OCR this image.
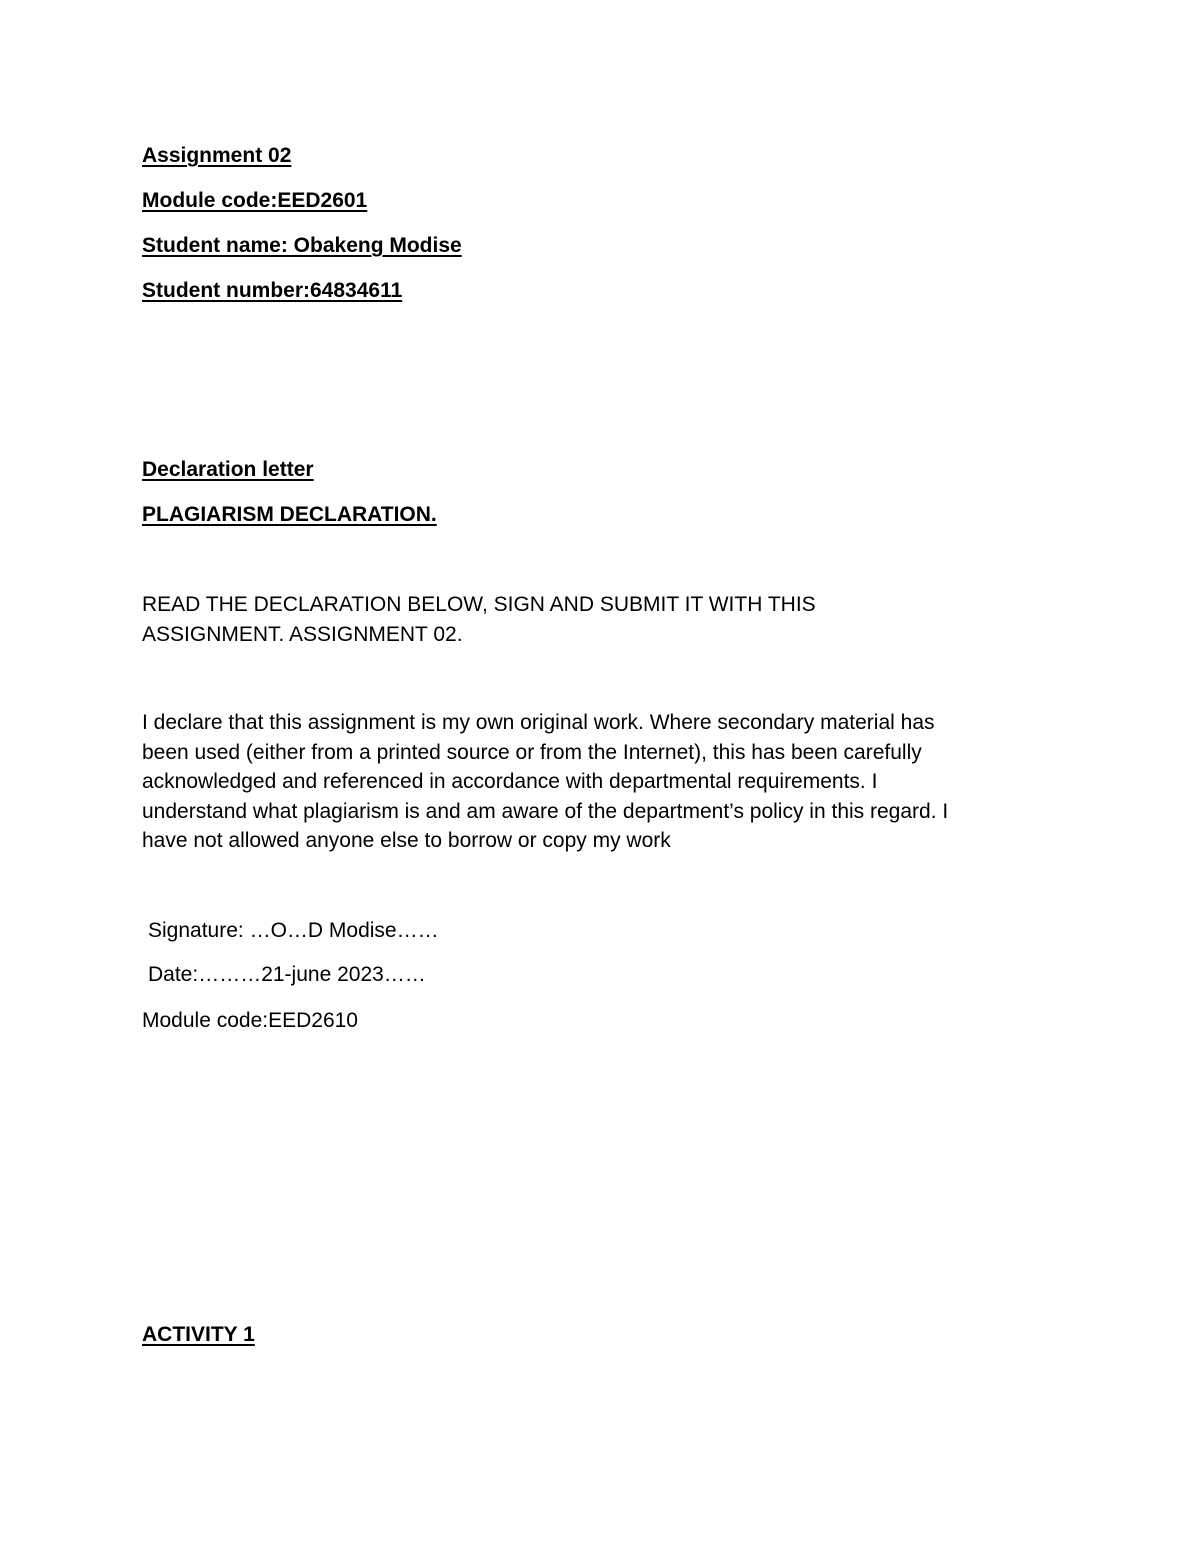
Assignment 02
Module code:EED2601
Student name: Obakeng Modise
Student number:64834611
Declaration letter
PLAGIARISM DECLARATION.
READ THE DECLARATION BELOW, SIGN AND SUBMIT IT WITH THIS
ASSIGNMENT. ASSIGNMENT 02.
I declare that this assignment is my own original work. Where secondary material has
been used (either from a printed source or from the Internet), this has been carefully
acknowledged and referenced in accordance with departmental requirements. I
understand what plagiarism is and am aware of the department’s policy in this regard. I
have not allowed anyone else to borrow or copy my work
Signature: …O…D Modise……
Date:………21-june 2023……
Module code:EED2610
ACTIVITY 1
